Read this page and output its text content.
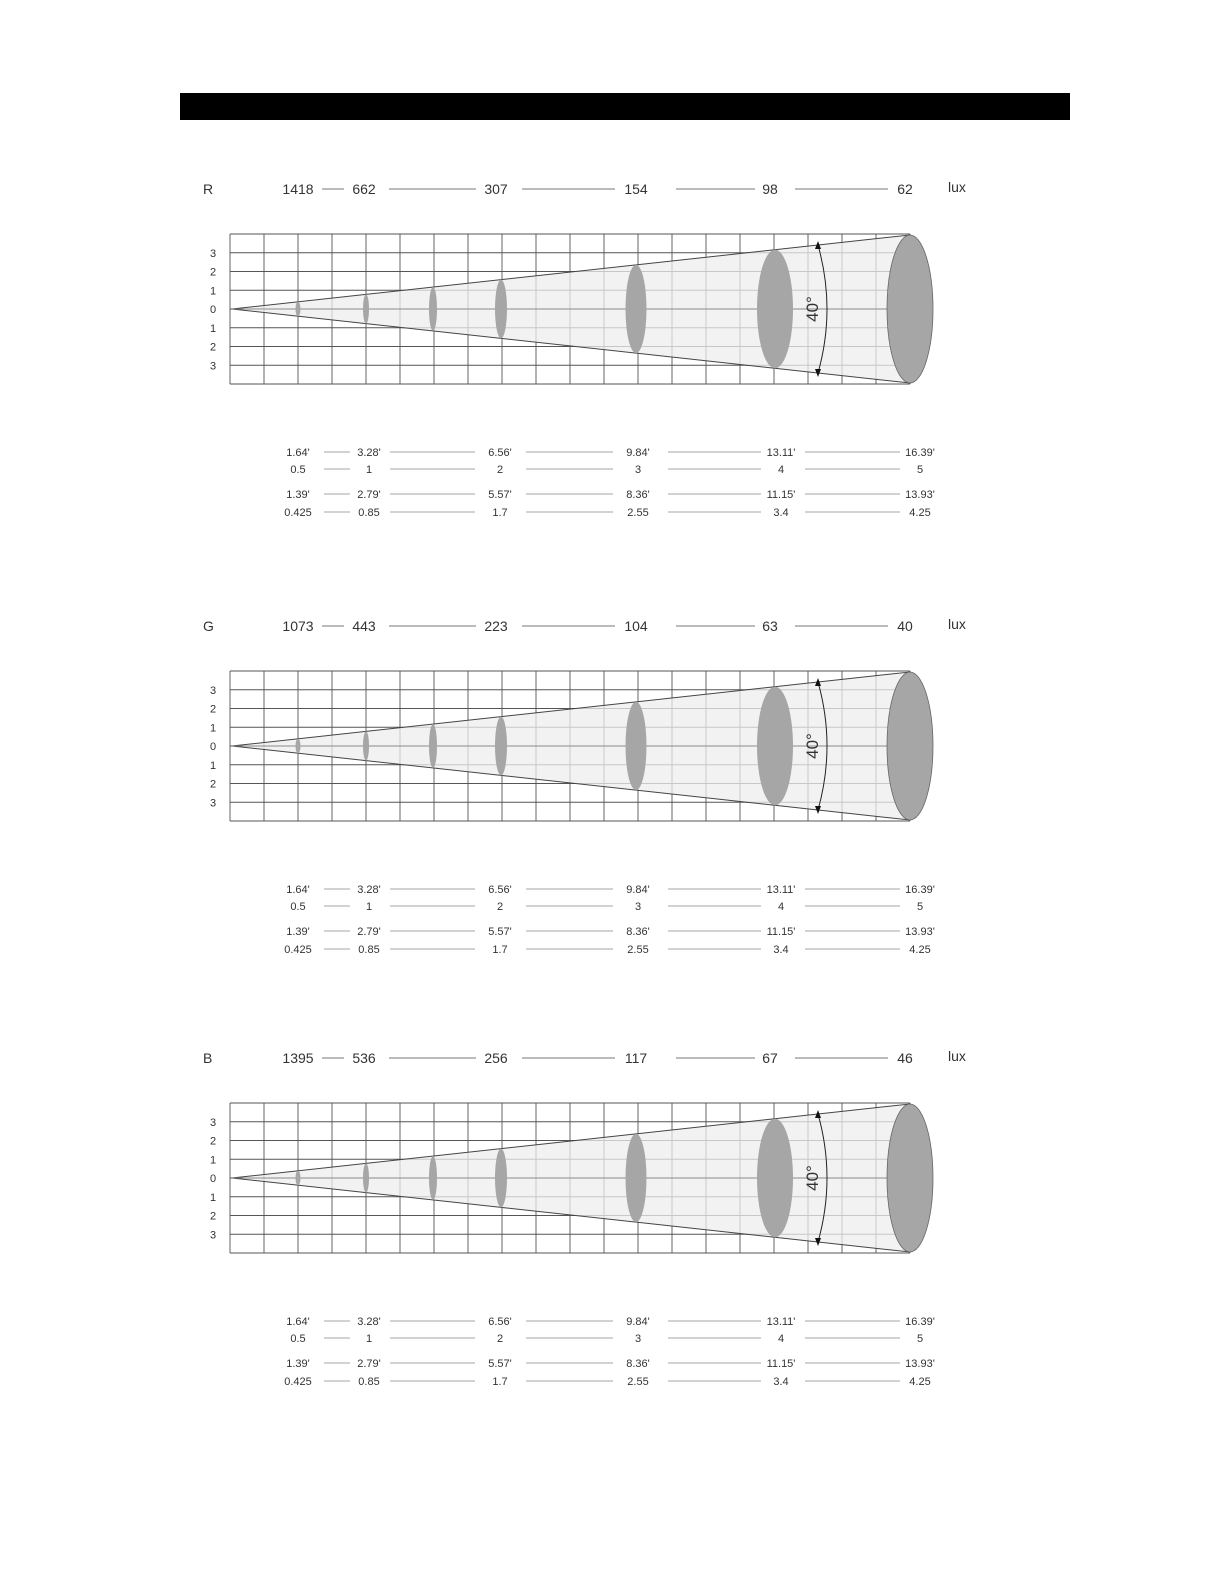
R	1418	662	307	154	98	62	lux
3
2
1
0
1
2
3
40°
1.64'	3.28'	6.56'	9.84'	13.11'	16.39'
0.5	1	2	3	4	5
1.39'	2.79'	5.57'	8.36'	11.15'	13.93'
0.425	0.85	1.7	2.55	3.4	4.25
G	1073	443	223	104	63	40	lux
3
2
1
0
1
2
3
40°
1.64'	3.28'	6.56'	9.84'	13.11'	16.39'
0.5	1	2	3	4	5
1.39'	2.79'	5.57'	8.36'	11.15'	13.93'
0.425	0.85	1.7	2.55	3.4	4.25
B	1395	536	256	117	67	46	lux
3
2
1
0
1
2
3
40°
1.64'	3.28'	6.56'	9.84'	13.11'	16.39'
0.5	1	2	3	4	5
1.39'	2.79'	5.57'	8.36'	11.15'	13.93'
0.425	0.85	1.7	2.55	3.4	4.25
